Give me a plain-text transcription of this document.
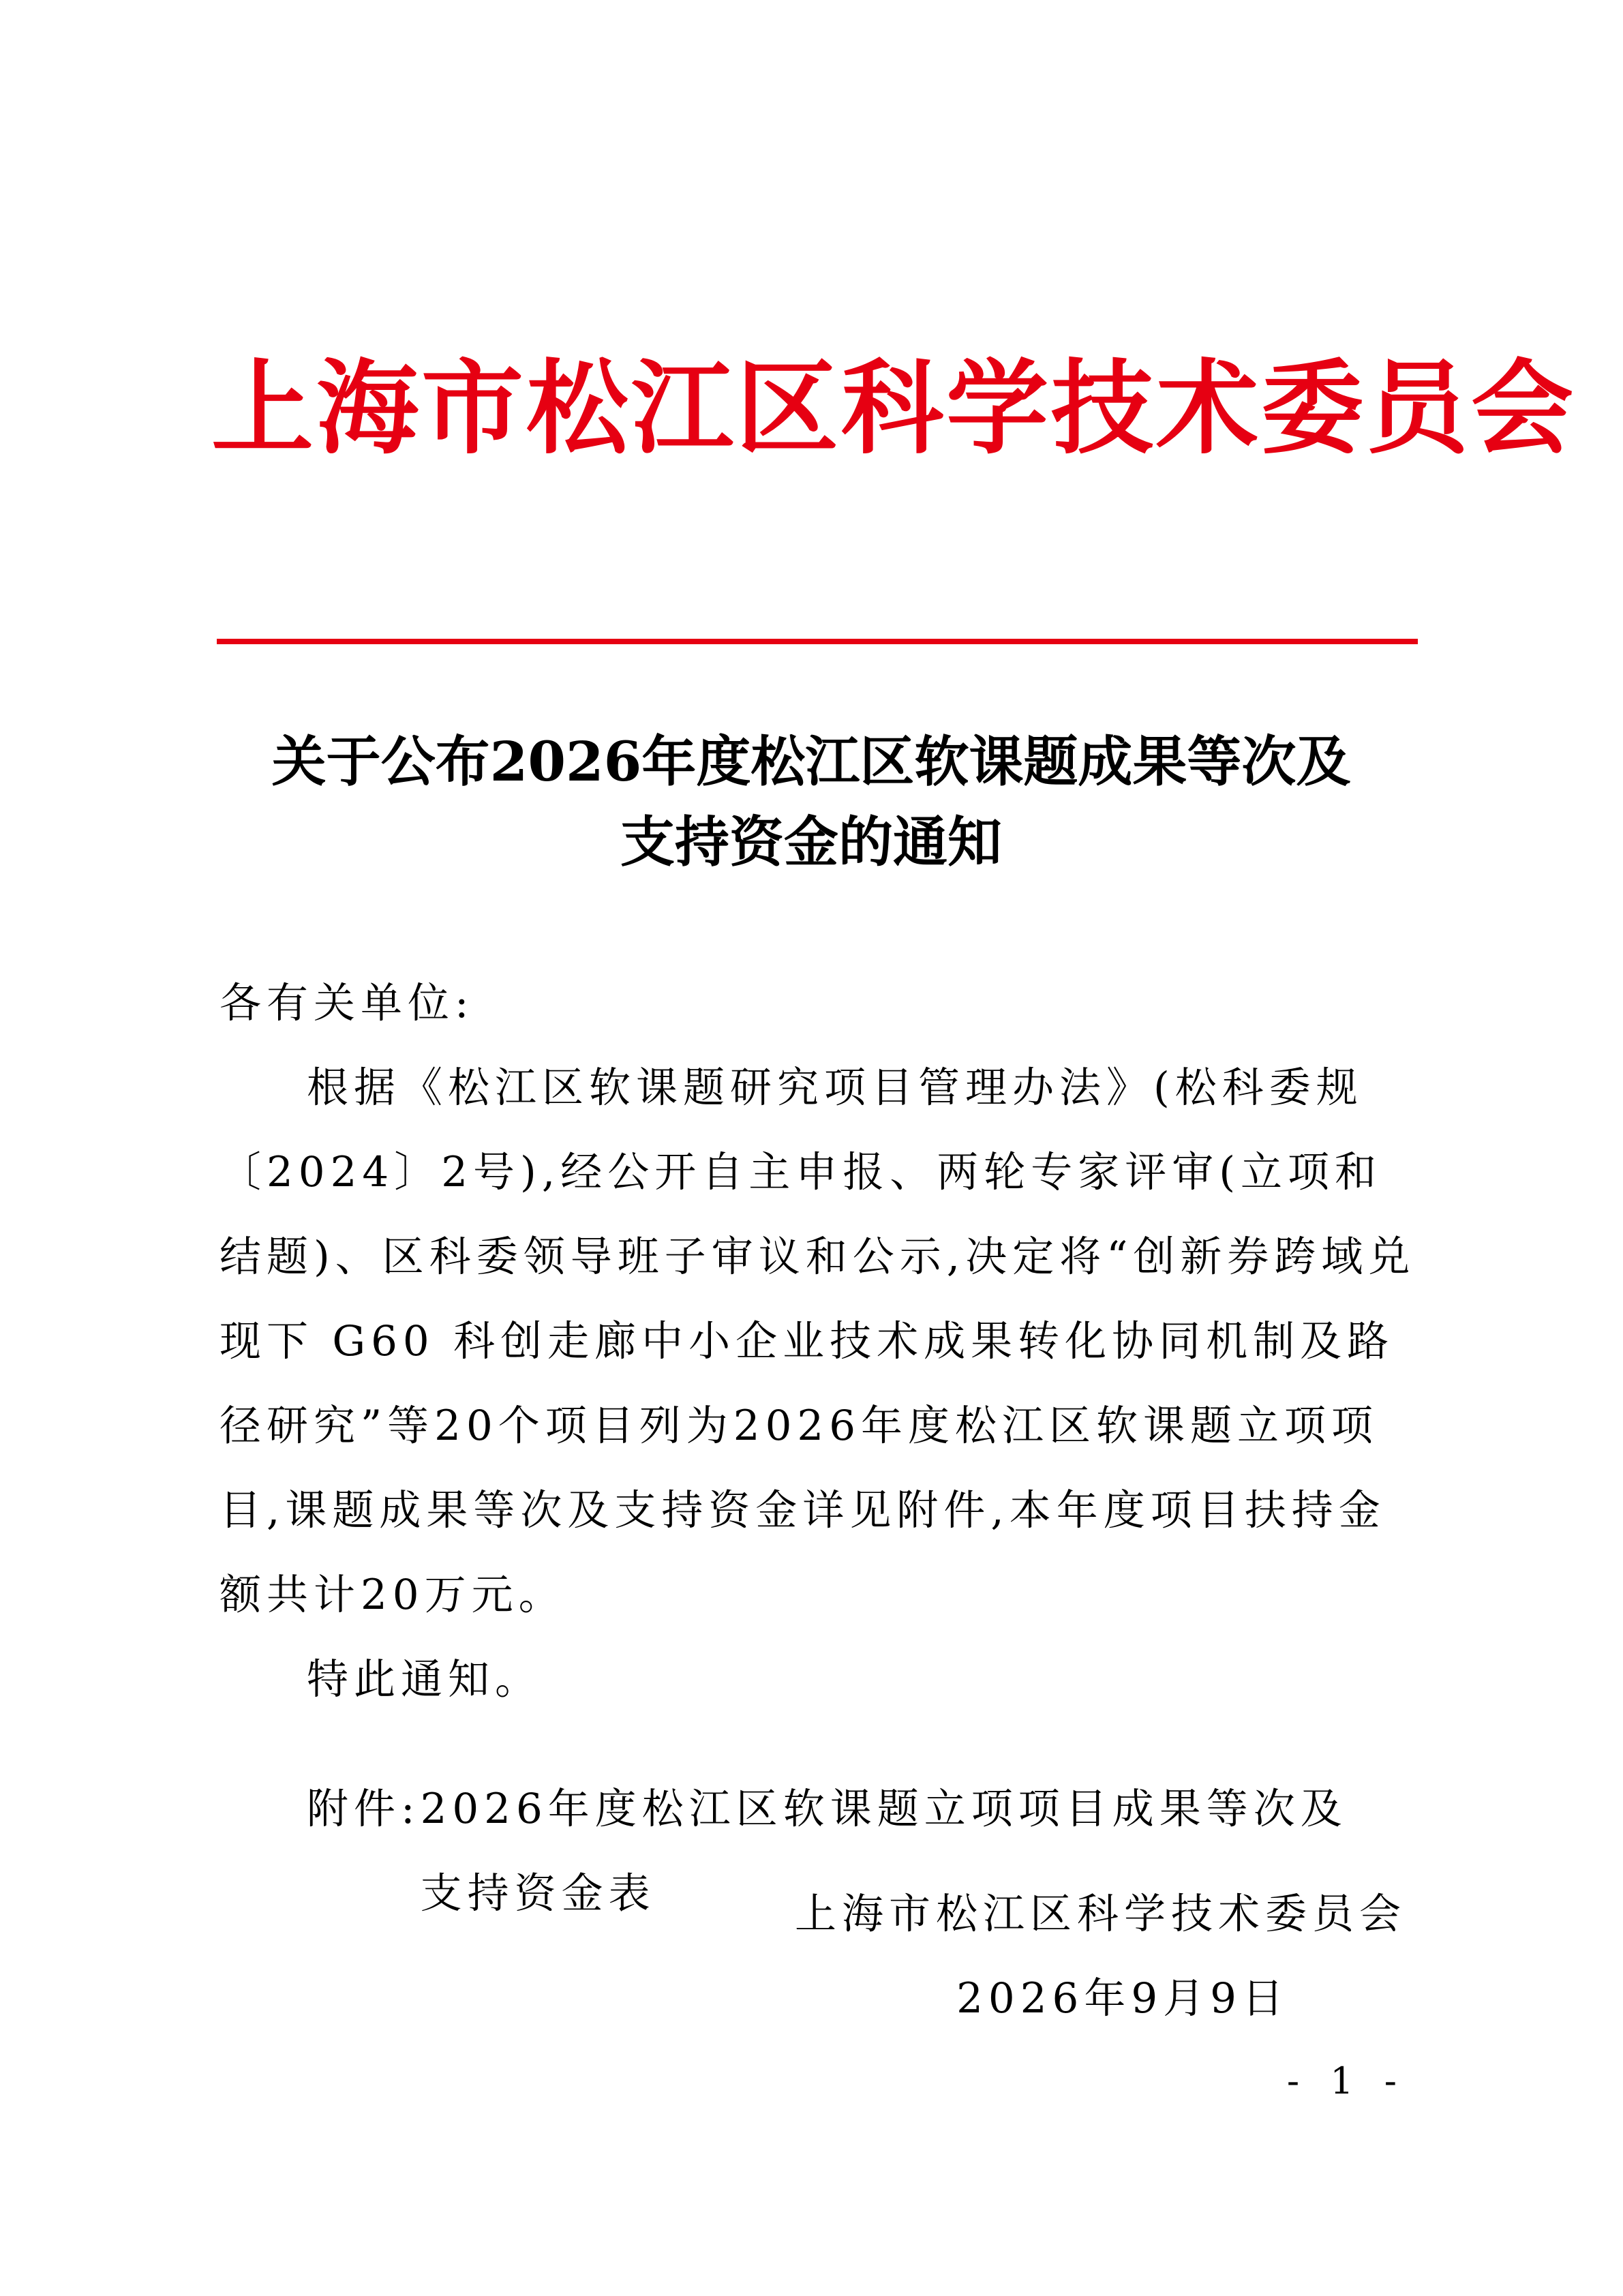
上海市松江区科学技术委员会
关于公布2026年度松江区软课题成果等次及
支持资金的通知

各有关单位:

根据《松江区软课题研究项目管理办法》(松科委规〔2024〕2号),经公开自主申报、两轮专家评审(立项和结题)、区科委领导班子审议和公示,决定将“创新券跨域兑现下 G60 科创走廊中小企业技术成果转化协同机制及路径研究”等20个项目列为2026年度松江区软课题立项项目,课题成果等次及支持资金详见附件,本年度项目扶持金额共计20万元。

特此通知。

附件: 2026年度松江区软课题立项项目成果等次及支持资金表	上海市松江区科学技术委员会
2026年9月9日
- 1 -
